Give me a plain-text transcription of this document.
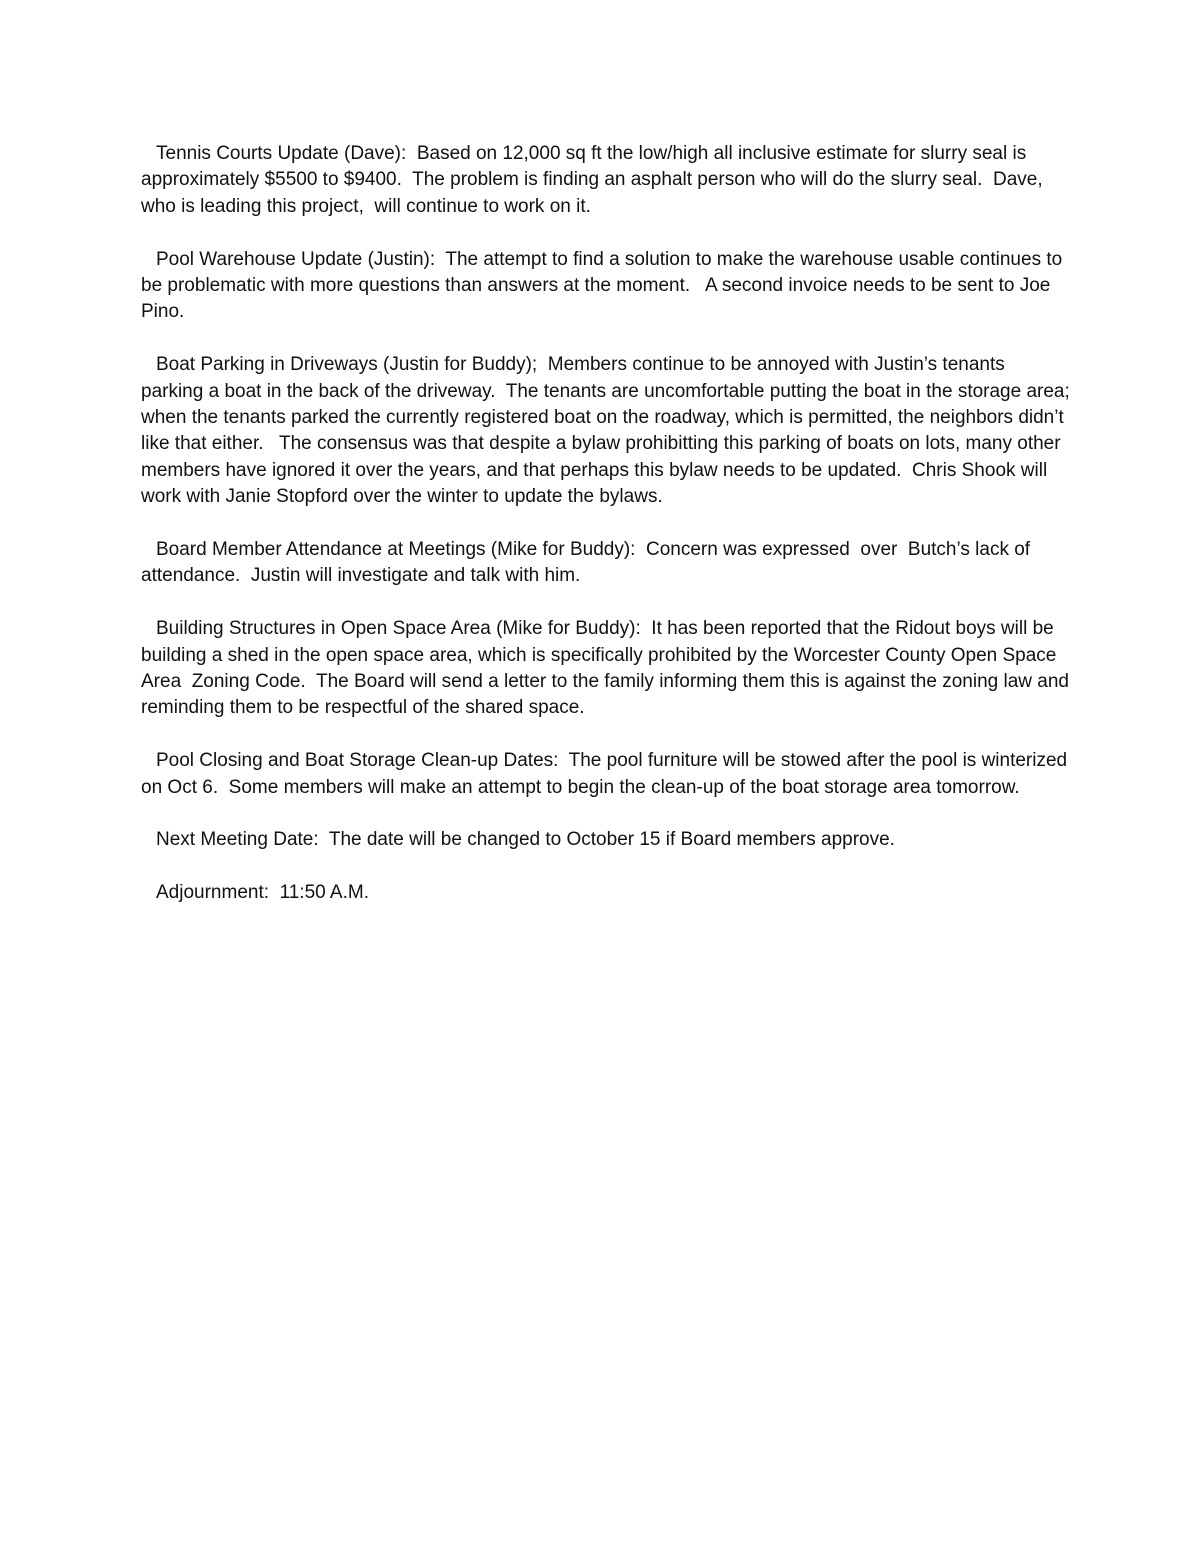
Tennis Courts Update (Dave):  Based on 12,000 sq ft the low/high all inclusive estimate for slurry seal is approximately $5500 to $9400.  The problem is finding an asphalt person who will do the slurry seal.  Dave,  who is leading this project,  will continue to work on it.

Pool Warehouse Update (Justin):  The attempt to find a solution to make the warehouse usable continues to be problematic with more questions than answers at the moment.   A second invoice needs to be sent to Joe Pino.

Boat Parking in Driveways (Justin for Buddy);  Members continue to be annoyed with Justin’s tenants parking a boat in the back of the driveway.  The tenants are uncomfortable putting the boat in the storage area;  when the tenants parked the currently registered boat on the roadway, which is permitted, the neighbors didn’t like that either.   The consensus was that despite a bylaw prohibitting this parking of boats on lots, many other members have ignored it over the years, and that perhaps this bylaw needs to be updated.  Chris Shook will work with Janie Stopford over the winter to update the bylaws.

Board Member Attendance at Meetings (Mike for Buddy):  Concern was expressed  over  Butch’s lack of attendance.  Justin will investigate and talk with him.

Building Structures in Open Space Area (Mike for Buddy):  It has been reported that the Ridout boys will be building a shed in the open space area, which is specifically prohibited by the Worcester County Open Space Area  Zoning Code.  The Board will send a letter to the family informing them this is against the zoning law and reminding them to be respectful of the shared space.

Pool Closing and Boat Storage Clean-up Dates:  The pool furniture will be stowed after the pool is winterized on Oct 6.  Some members will make an attempt to begin the clean-up of the boat storage area tomorrow.

Next Meeting Date:  The date will be changed to October 15 if Board members approve.

Adjournment:  11:50 A.M.
